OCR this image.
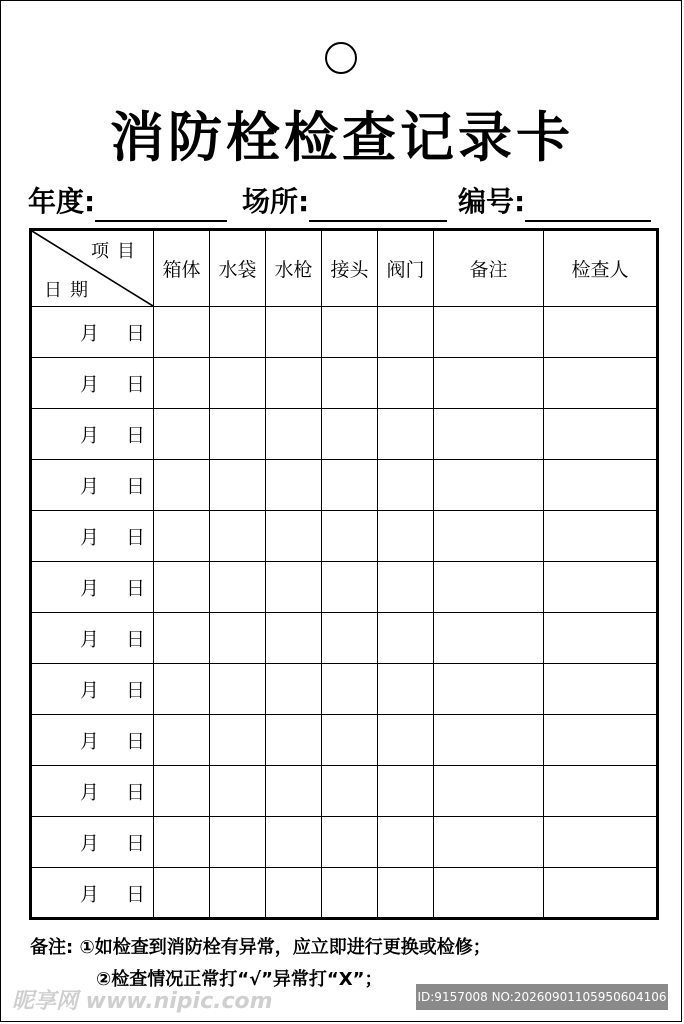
消防栓检查记录卡
年度:	场所:	编号:
项目
日期	箱体	水袋	水枪	接头	阀门	备注	检查人

月 日							

月 日							

月 日							

月 日							

月 日							

月 日							

月 日							

月 日							

月 日							

月 日							

月 日							

月 日							

备注: ①如检查到消防栓有异常，应立即进行更换或检修；
②检查情况正常打“√”异常打“X”；
昵享网 www.nipic.com	ID:9157008 NO:20260901105950604106
